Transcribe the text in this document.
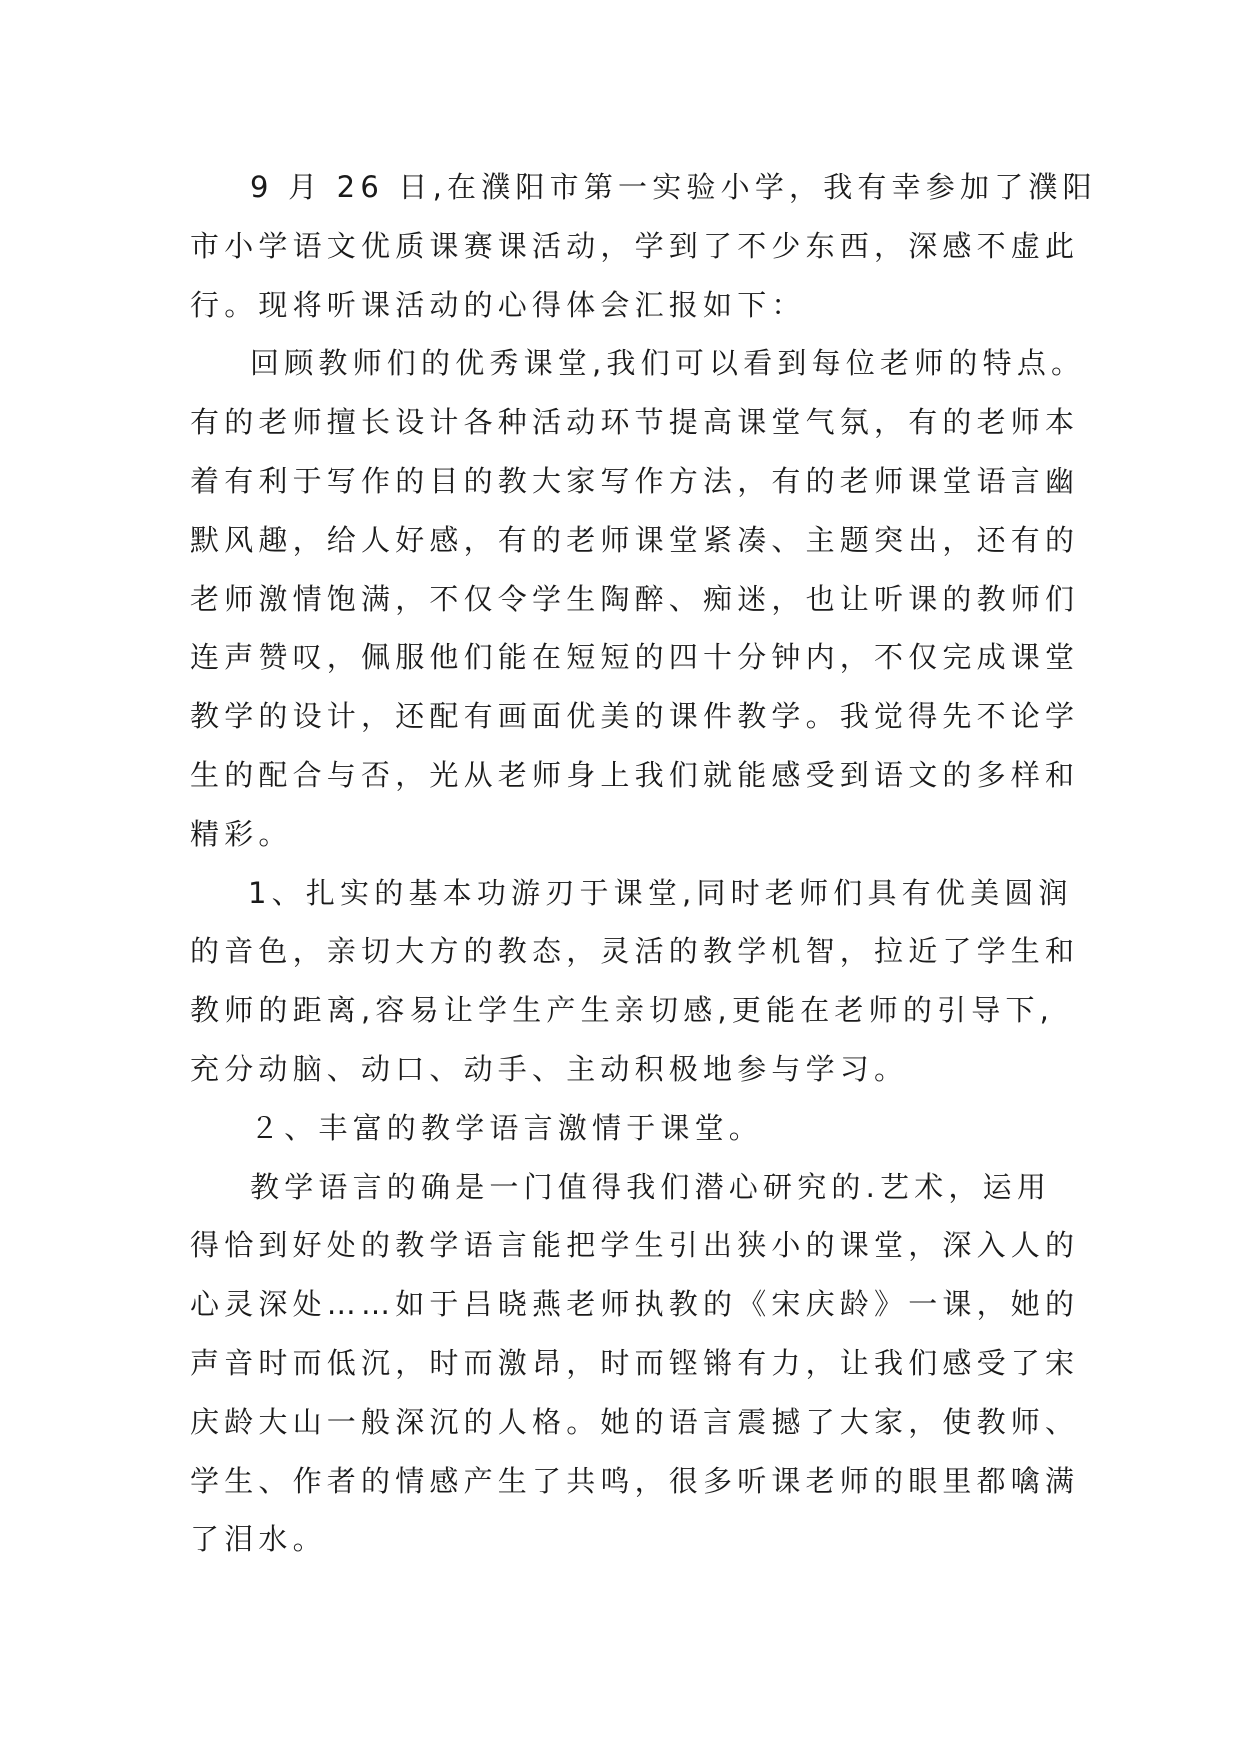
9 月 26 日,在濮阳市第一实验小学，我有幸参加了濮阳
市小学语文优质课赛课活动，学到了不少东西，深感不虚此
行。现将听课活动的心得体会汇报如下：
回顾教师们的优秀课堂,我们可以看到每位老师的特点。
有的老师擅长设计各种活动环节提高课堂气氛，有的老师本
着有利于写作的目的教大家写作方法，有的老师课堂语言幽
默风趣，给人好感，有的老师课堂紧凑、主题突出，还有的
老师激情饱满，不仅令学生陶醉、痴迷，也让听课的教师们
连声赞叹，佩服他们能在短短的四十分钟内，不仅完成课堂
教学的设计，还配有画面优美的课件教学。我觉得先不论学
生的配合与否，光从老师身上我们就能感受到语文的多样和
精彩。
1、扎实的基本功游刃于课堂,同时老师们具有优美圆润
的音色，亲切大方的教态，灵活的教学机智，拉近了学生和
教师的距离,容易让学生产生亲切感,更能在老师的引导下,
充分动脑、动口、动手、主动积极地参与学习。
２、丰富的教学语言激情于课堂。
教学语言的确是一门值得我们潜心研究的.艺术，运用
得恰到好处的教学语言能把学生引出狭小的课堂，深入人的
心灵深处……如于吕晓燕老师执教的《宋庆龄》一课，她的
声音时而低沉，时而激昂，时而铿锵有力，让我们感受了宋
庆龄大山一般深沉的人格。她的语言震撼了大家，使教师、
学生、作者的情感产生了共鸣，很多听课老师的眼里都噙满
了泪水。
